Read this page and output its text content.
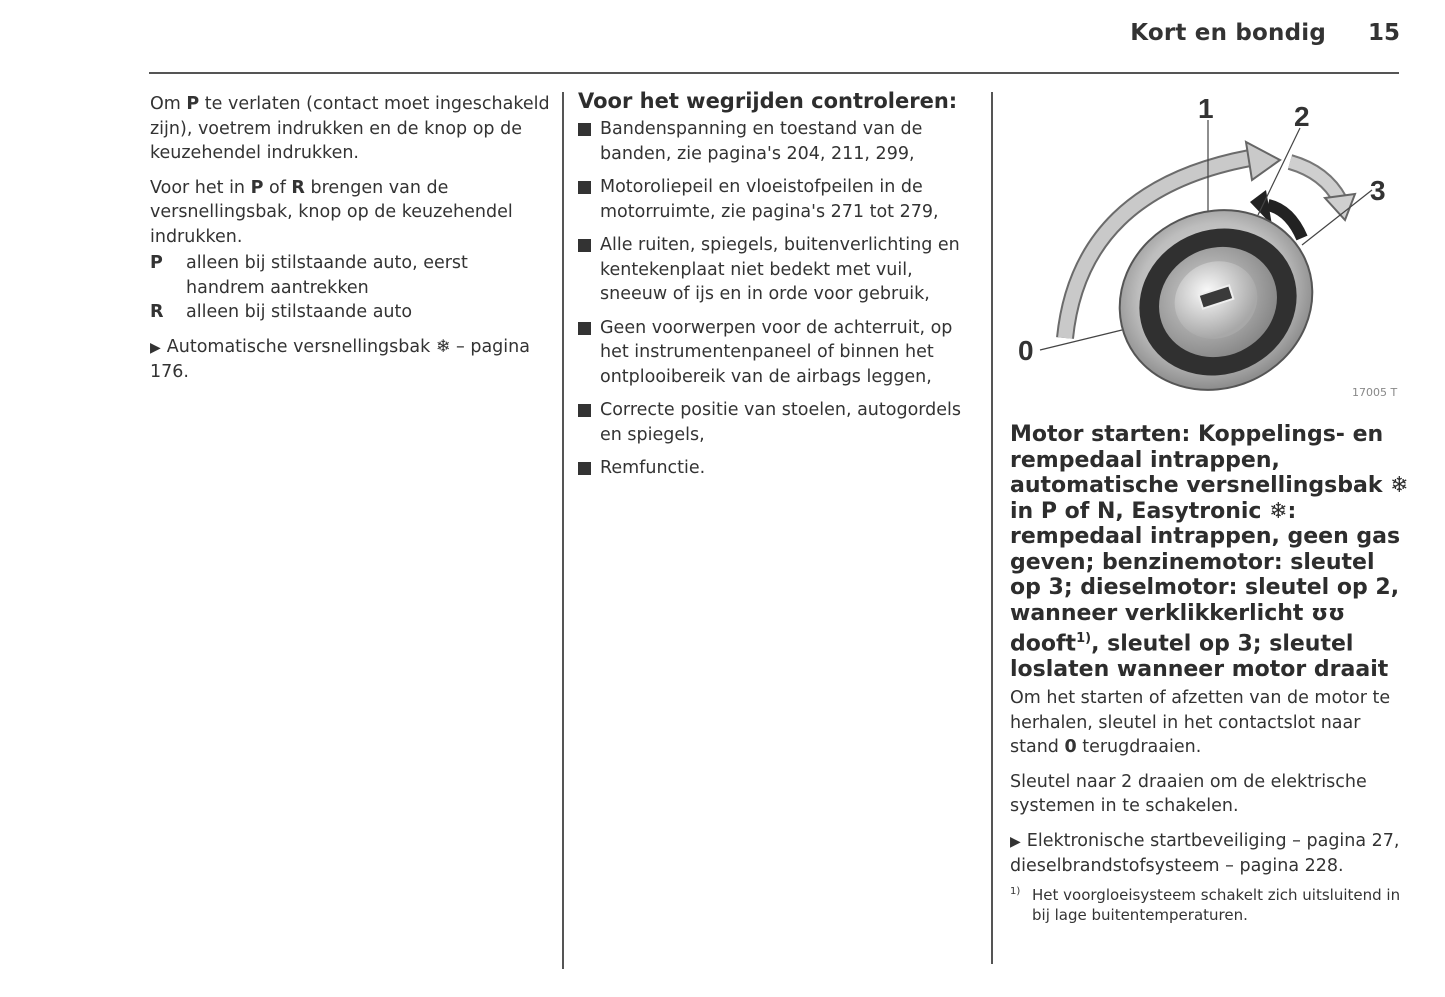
Kort en bondig	15

Om P te verlaten (contact moet ingeschakeld zijn), voetrem indrukken en de knop op de keuzehendel indrukken.

Voor het in P of R brengen van de versnellingsbak, knop op de keuzehendel indrukken.

P	alleen bij stilstaande auto, eerst handrem aantrekken
R	alleen bij stilstaande auto

▶ Automatische versnellingsbak ❄ – pagina 176.

Voor het wegrijden controleren:
Bandenspanning en toestand van de banden, zie pagina's 204, 211, 299,
Motoroliepeil en vloeistofpeilen in de motorruimte, zie pagina's 271 tot 279,
Alle ruiten, spiegels, buitenverlichting en kentekenplaat niet bedekt met vuil, sneeuw of ijs en in orde voor gebruik,
Geen voorwerpen voor de achterruit, op het instrumentenpaneel of binnen het ontplooibereik van de airbags leggen,
Correcte positie van stoelen, autogordels en spiegels,
Remfunctie.
1	2
3
0
17005 T
Motor starten: Koppelings- en rempedaal intrappen, automatische versnellingsbak ❄ in P of N, Easytronic ❄: rempedaal intrappen, geen gas geven; benzinemotor: sleutel op 3; dieselmotor: sleutel op 2, wanneer verklikkerlicht ʊʊ dooft$^{1)}$, sleutel op 3; sleutel loslaten wanneer motor draait

Om het starten of afzetten van de motor te herhalen, sleutel in het contactslot naar stand 0 terugdraaien.

Sleutel naar 2 draaien om de elektrische systemen in te schakelen.

▶ Elektronische startbeveiliging – pagina 27,
dieselbrandstofsysteem – pagina 228.

1) Het voorgloeisysteem schakelt zich uitsluitend in bij lage buitentemperaturen.
